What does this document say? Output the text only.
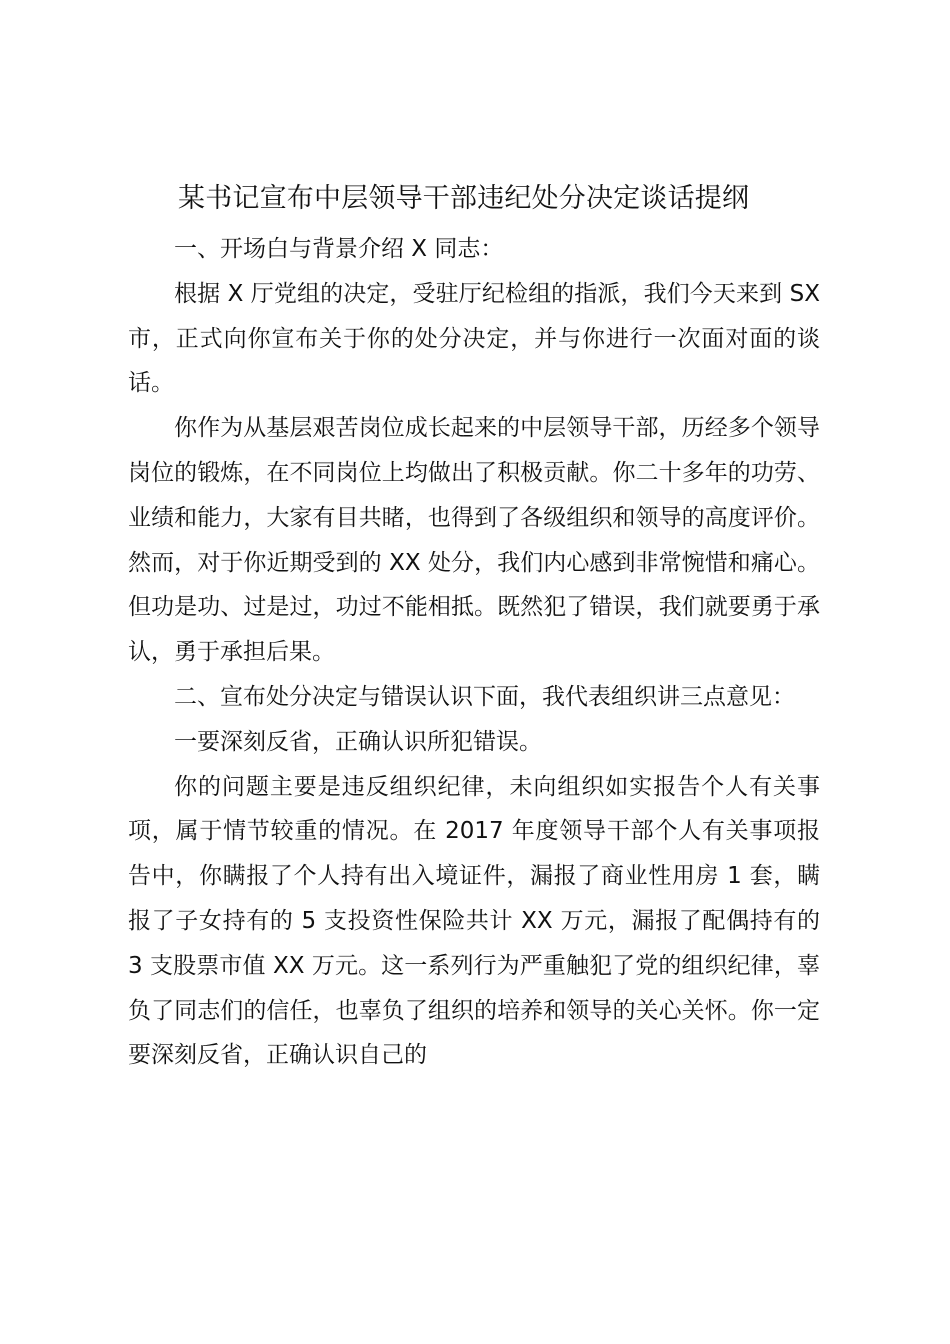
某书记宣布中层领导干部违纪处分决定谈话提纲

一、开场白与背景介绍 X 同志：

根据 X 厅党组的决定，受驻厅纪检组的指派，我们今天来到 SX 市，正式向你宣布关于你的处分决定，并与你进行一次面对面的谈话。

你作为从基层艰苦岗位成长起来的中层领导干部，历经多个领导岗位的锻炼，在不同岗位上均做出了积极贡献。你二十多年的功劳、业绩和能力，大家有目共睹，也得到了各级组织和领导的高度评价。然而，对于你近期受到的 XX 处分，我们内心感到非常惋惜和痛心。但功是功、过是过，功过不能相抵。既然犯了错误，我们就要勇于承认，勇于承担后果。

二、宣布处分决定与错误认识下面，我代表组织讲三点意见：

一要深刻反省，正确认识所犯错误。

你的问题主要是违反组织纪律，未向组织如实报告个人有关事项，属于情节较重的情况。在 2017 年度领导干部个人有关事项报告中，你瞒报了个人持有出入境证件，漏报了商业性用房 1 套，瞒报了子女持有的 5 支投资性保险共计 XX 万元，漏报了配偶持有的 3 支股票市值 XX 万元。这一系列行为严重触犯了党的组织纪律，辜负了同志们的信任，也辜负了组织的培养和领导的关心关怀。你一定要深刻反省，正确认识自己的
